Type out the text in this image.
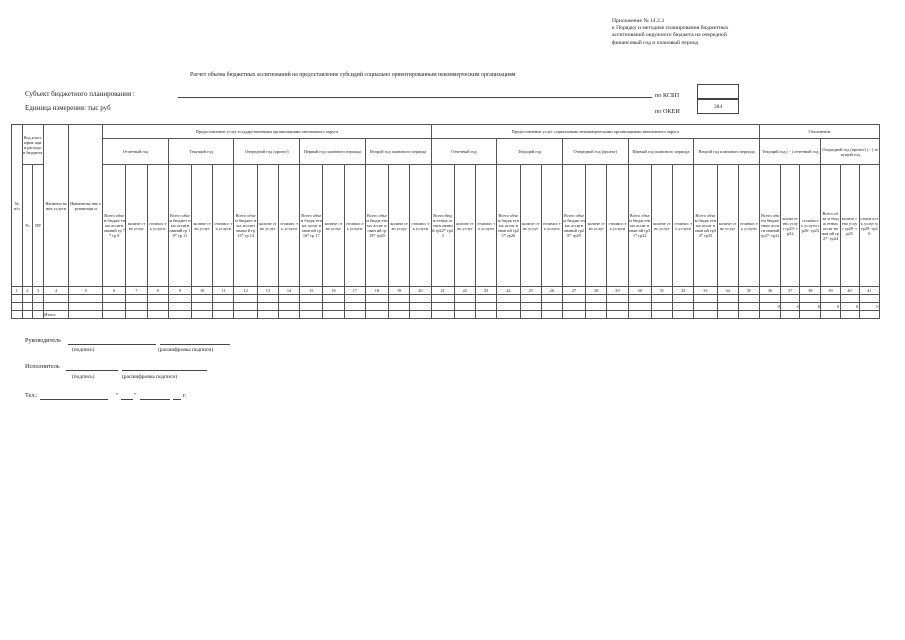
Приложение №14.2.3
к Порядку и методике планирования бюджетных
ассигнований окружного бюджета на очередной
финансовый год и плановый период
Расчет объема бюджетных ассигнований на предоставление субсидий социально ориентированным некоммерческим организациям
Субъект бюджетного планирования :
Единица измерения: тыс руб
по КСБП
по ОКЕИ
384
№ п/п	Код классифик ации расходов бюджета		Наимено вание услуги	Наименова ние организаци и	Предоставление услуг государственными организациями автономного округа															Предоставление услуг социальными некоммерческими организациями автономного округа															Отклонение					
					Отчетный год			Текущий год			Очередной год (проект)			Первый год планового периода			Второй год планового периода			Отчетный год			Текущий год			Очередной год (проект)			Первый год планового периода			Второй год планового периода			Текущий год ( - ) отчетный год			Очередной год (проект) ( - ) текущий год		
	Рз	ПР			Всего объем бюдже тных ассигн ований гр 7* гр 8	количе ство услуг	стоимос ть услуги	Всего объем бюджет ных ассигн ований гр 10* гр 11	количе ство услуг	стоимос ть услуги	Всего объем бюджет ных ассигн овани й гр 13* гр 14	количе ство услуг	стоимос ть услуги	Всего объе м бюдж етных ассиг нован ий гр 16* гр 17	количе ство услуг	стоимос ть услуги	Всего объем бюдж етных ассиг нован ий гр 19* гр20	количе ство услуг	стоимос ть услуги	Всего бюдж етных ассигн овани й гр22* гр23	количе ство услуг	стоимос ть услуги	Всего объем бюдж етных ассиг нован ий гр25* гр26	количе ство услуг	стоимос ть услуги	Всего объем бюдже тных ассигн ований гр28* гр29	количе ство услуг	стоимос ть услуги	Всего объем бюдж етных ассиг нован ий гр31* гр32	количе ство услуг	стоимос ть услуги	Всего объем бюдж етных ассиг нован ий гр34* гр35	количе ство услуг	стоимос ть услуги	Всего объем бюдже тных ассигн ований гр27- гр21	колич ество услуг гр25- гр22	стоимост ь услуги гр26- гр23	Всего объе м бюдж етных ассиг нован ий гр27- гр24	количе ство услуг гр28- гр25	стоим ость услуг и гр29- гр26
1	2	3	4	5	6	7	8	9	10	11	12	13	14	15	16	17	18	19	20	21	22	23	24	25	26	27	28	29	30	31	32	33	34	35	36	37	38	39	40	41

																																			0	0	0	0	0	0
			Итого:																																					
Руководитель
(подпись)	(расшифровка подписи)
Исполнитель
(подпись)	(расшифровка подписи)
Тел.:	" "	г.
